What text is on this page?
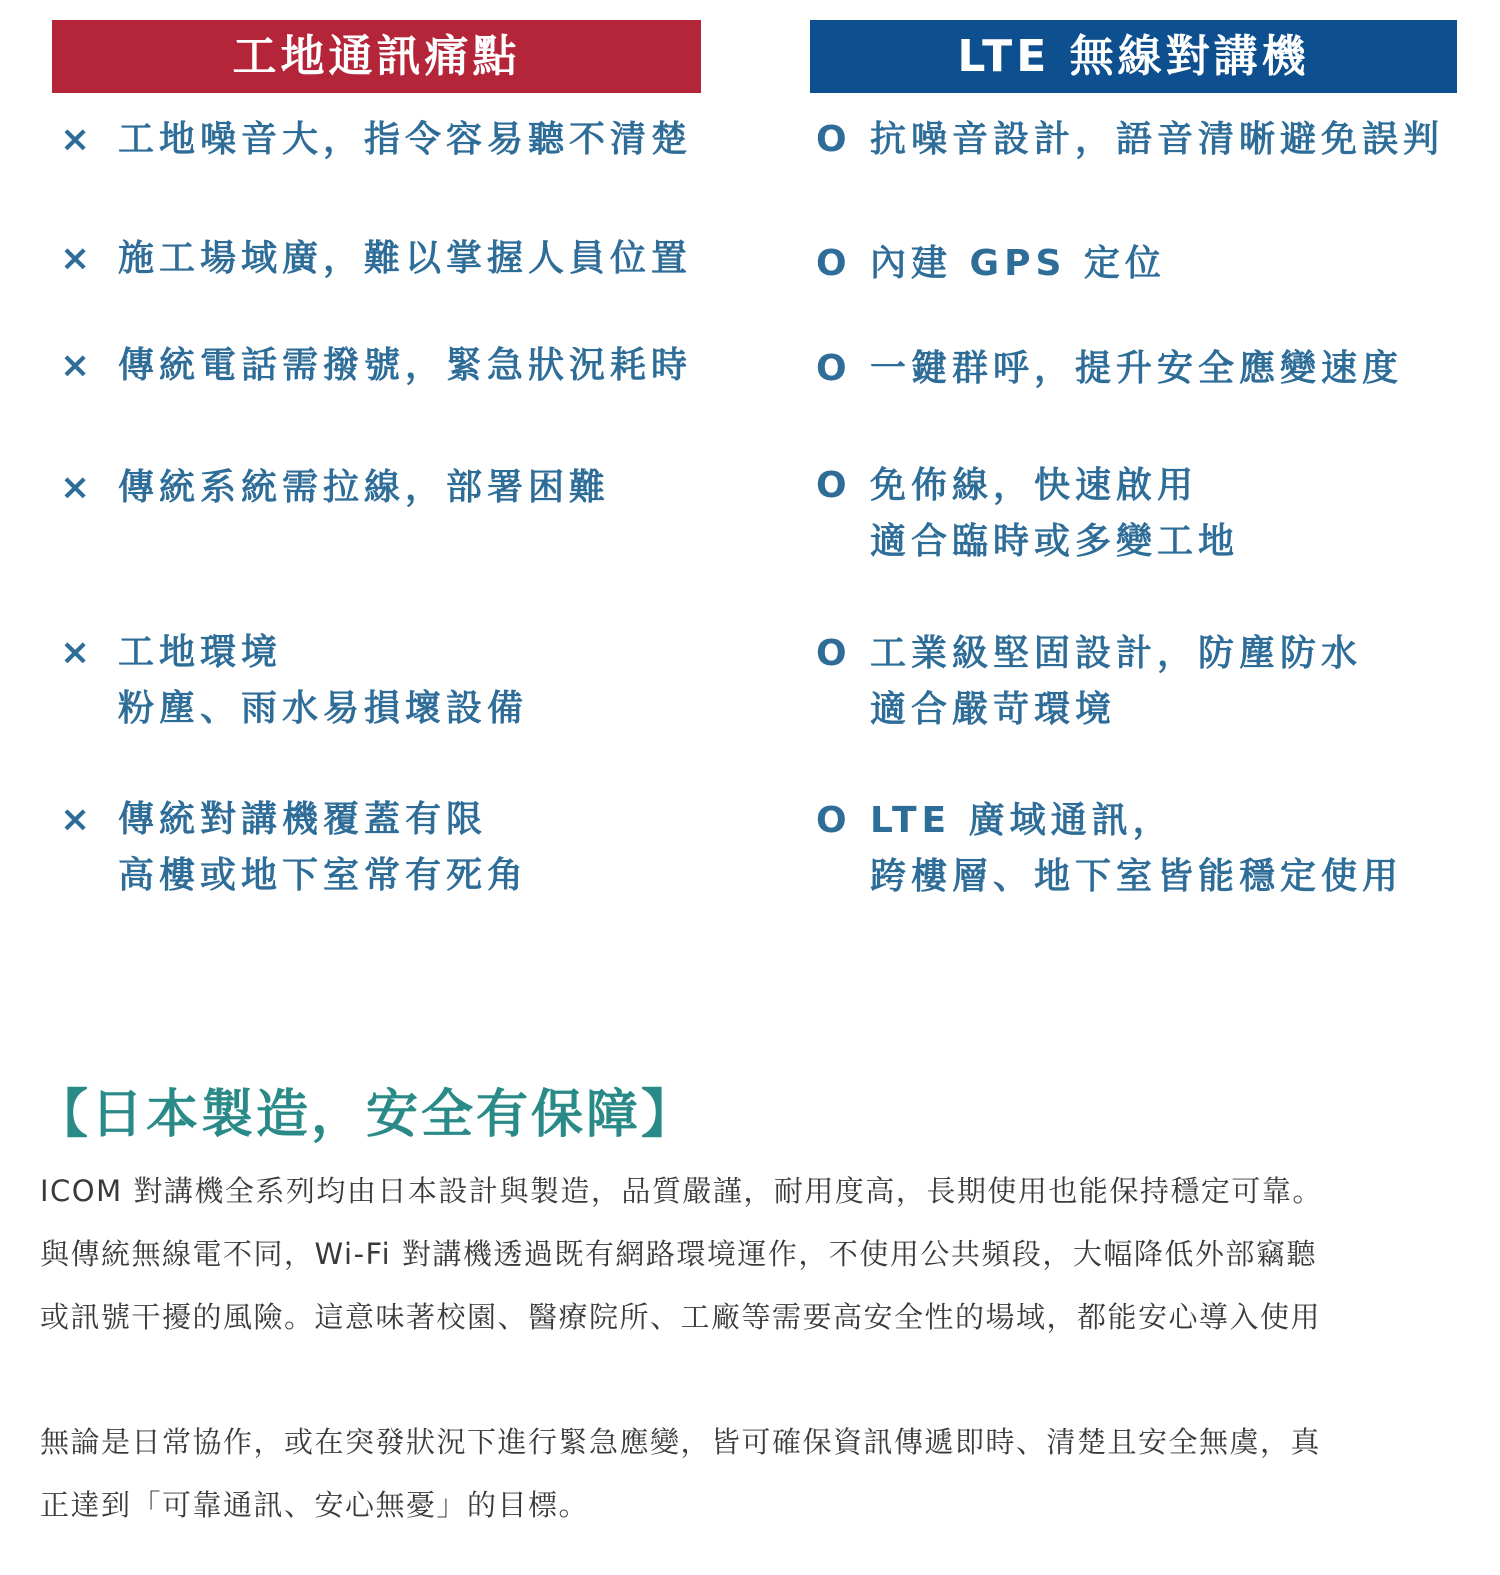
工地通訊痛點	LTE 無線對講機
× 工地噪音大，指令容易聽不清楚
× 施工場域廣，難以掌握人員位置
× 傳統電話需撥號，緊急狀況耗時
× 傳統系統需拉線，部署困難
× 工地環境
粉塵、雨水易損壞設備
× 傳統對講機覆蓋有限
高樓或地下室常有死角
O 抗噪音設計，語音清晰避免誤判
O 內建 GPS 定位
O 一鍵群呼，提升安全應變速度
O 免佈線，快速啟用
適合臨時或多變工地
O 工業級堅固設計，防塵防水
適合嚴苛環境
O LTE 廣域通訊，
跨樓層、地下室皆能穩定使用
【日本製造，安全有保障】
ICOM 對講機全系列均由日本設計與製造，品質嚴謹，耐用度高，長期使用也能保持穩定可靠。
與傳統無線電不同，Wi-Fi 對講機透過既有網路環境運作，不使用公共頻段，大幅降低外部竊聽
或訊號干擾的風險。這意味著校園、醫療院所、工廠等需要高安全性的場域，都能安心導入使用
無論是日常協作，或在突發狀況下進行緊急應變，皆可確保資訊傳遞即時、清楚且安全無虞，真
正達到「可靠通訊、安心無憂」的目標。
